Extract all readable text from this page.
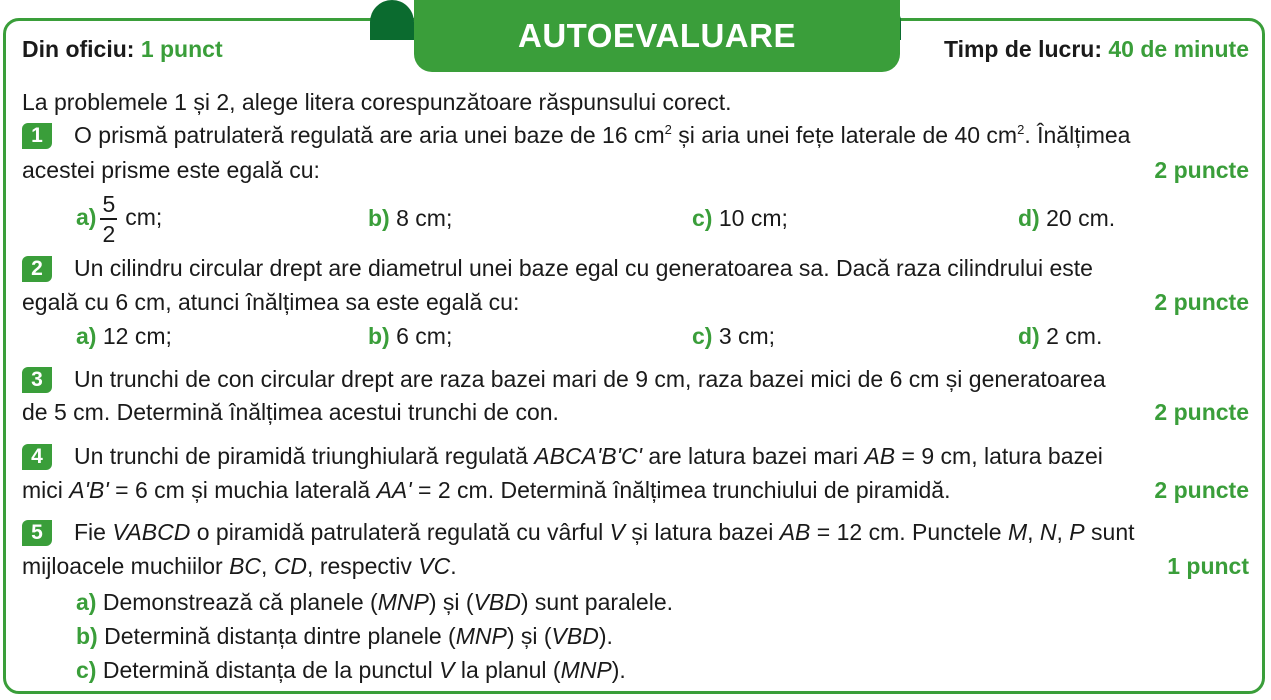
AUTOEVALUARE
Din oficiu: 1 punct	Timp de lucru: 40 de minute
La problemele 1 și 2, alege litera corespunzătoare răspunsului corect.
1 O prismă patrulateră regulată are aria unei baze de 16 $cm^2$ și aria unei fețe laterale de 40 $cm^2$. Înălțimea
acestei prisme este egală cu:	2 puncte
$a) \frac{5}{2}$ cm;	b) 8 cm;	c) 10 cm;	d) 20 cm.
2 Un cilindru circular drept are diametrul unei baze egal cu generatoarea sa. Dacă raza cilindrului este
egală cu 6 cm, atunci înălțimea sa este egală cu:	2 puncte
a) 12 cm;	b) 6 cm;	c) 3 cm;	d) 2 cm.
3 Un trunchi de con circular drept are raza bazei mari de 9 cm, raza bazei mici de 6 cm și generatoarea
de 5 cm. Determină înălțimea acestui trunchi de con.	2 puncte
4 Un trunchi de piramidă triunghiulară regulată ABCA'B'C' are latura bazei mari AB = 9 cm, latura bazei
mici A'B' = 6 cm și muchia laterală AA' = 2 cm. Determină înălțimea trunchiului de piramidă.	2 puncte
5 Fie VABCD o piramidă patrulateră regulată cu vârful V și latura bazei AB = 12 cm. Punctele M, N, P sunt
mijloacele muchiilor BC, CD, respectiv VC.	1 punct
a) Demonstrează că planele (MNP) și (VBD) sunt paralele.
b) Determină distanța dintre planele (MNP) și (VBD).
c) Determină distanța de la punctul V la planul (MNP).
